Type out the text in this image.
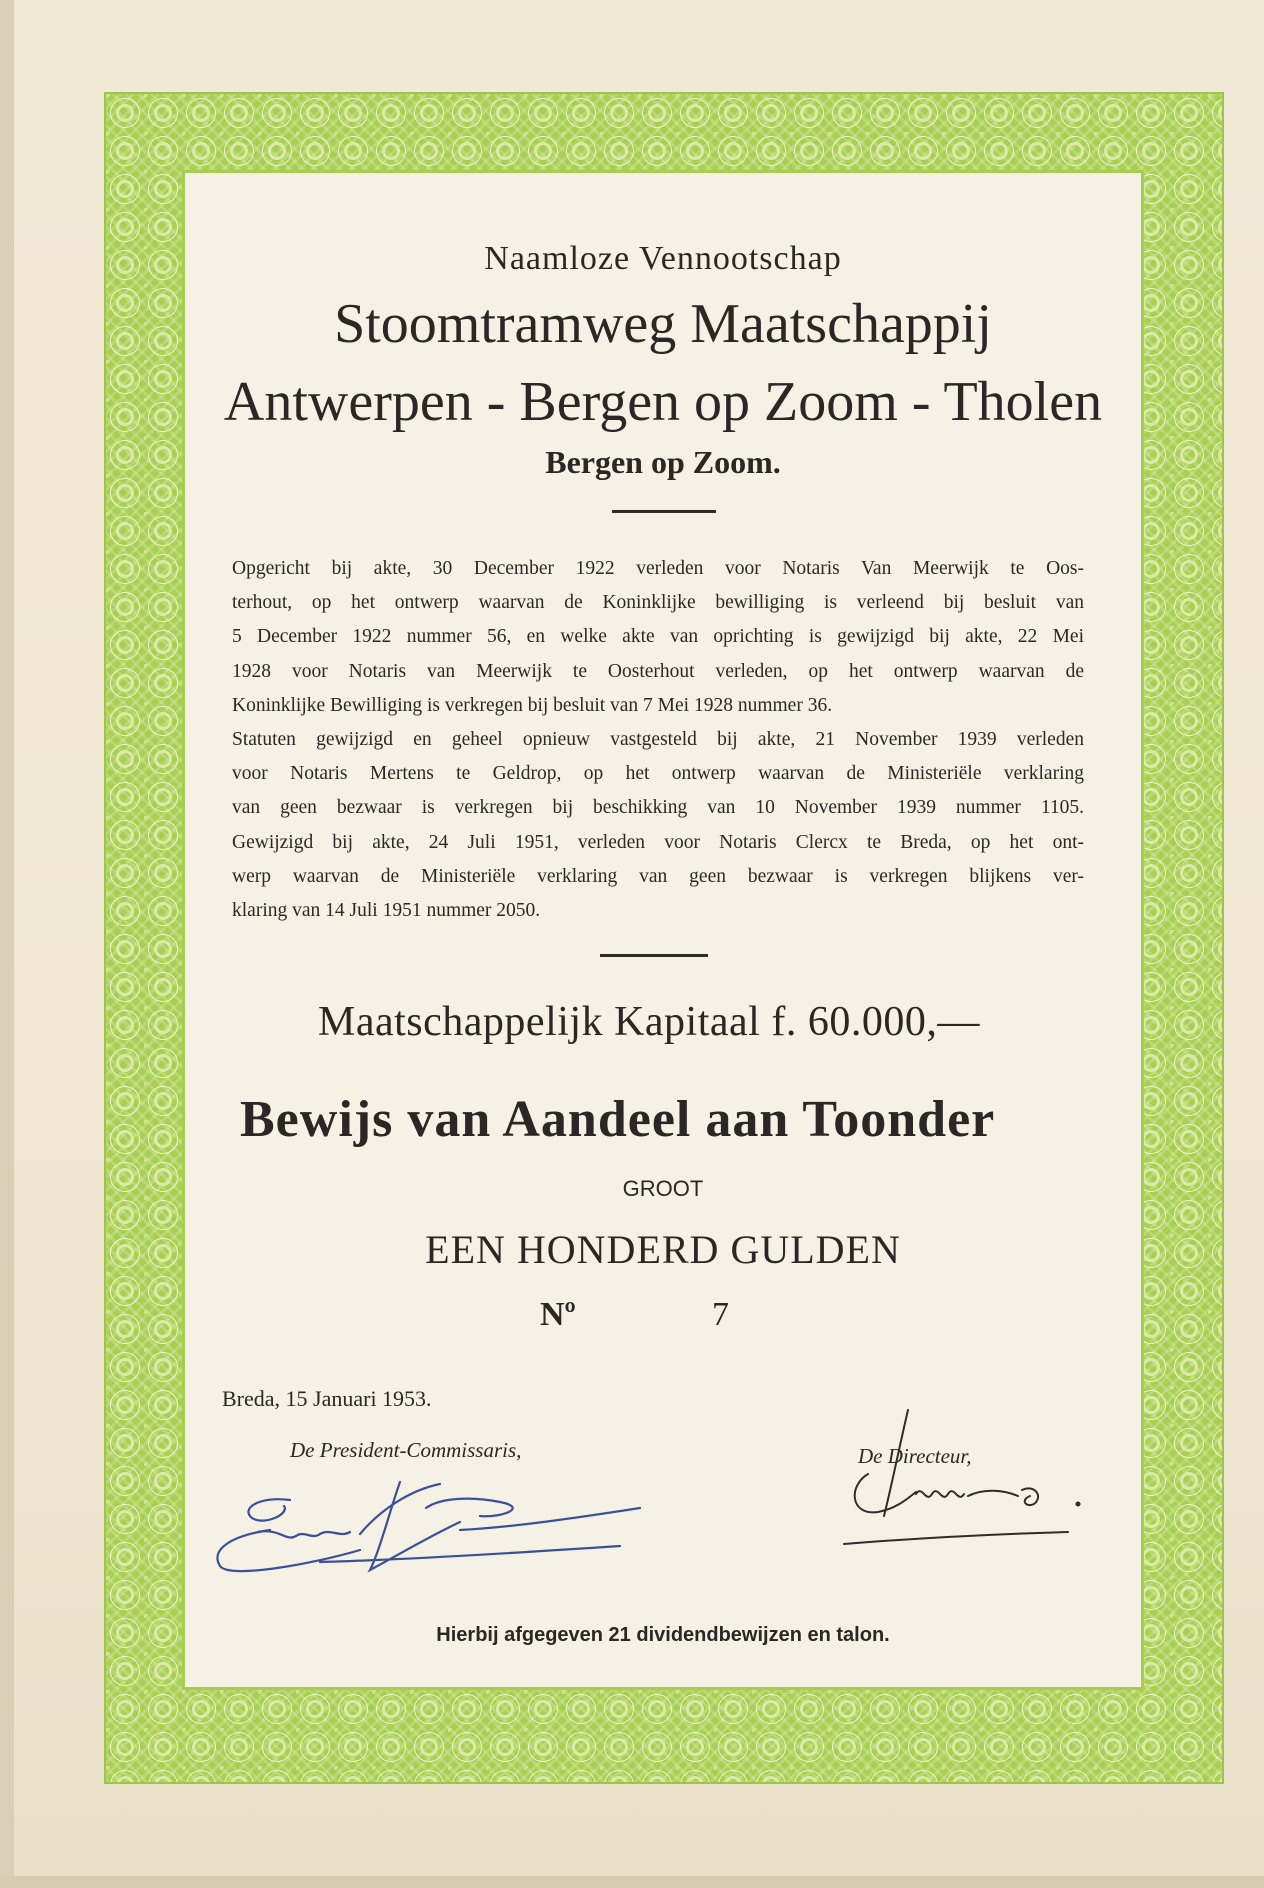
Naamloze Vennootschap

Stoomtramweg Maatschappij

Antwerpen - Bergen op Zoom - Tholen

Bergen op Zoom.

Opgericht bij akte, 30 December 1922 verleden voor Notaris Van Meerwijk te Oos-
terhout, op het ontwerp waarvan de Koninklijke bewilliging is verleend bij besluit van
5 December 1922 nummer 56, en welke akte van oprichting is gewijzigd bij akte, 22 Mei
1928 voor Notaris van Meerwijk te Oosterhout verleden, op het ontwerp waarvan de
Koninklijke Bewilliging is verkregen bij besluit van 7 Mei 1928 nummer 36.
Statuten gewijzigd en geheel opnieuw vastgesteld bij akte, 21 November 1939 verleden
voor Notaris Mertens te Geldrop, op het ontwerp waarvan de Ministeriële verklaring
van geen bezwaar is verkregen bij beschikking van 10 November 1939 nummer 1105.
Gewijzigd bij akte, 24 Juli 1951, verleden voor Notaris Clercx te Breda, op het ont-
werp waarvan de Ministeriële verklaring van geen bezwaar is verkregen blijkens ver-
klaring van 14 Juli 1951 nummer 2050.

Maatschappelijk Kapitaal f. 60.000,—

Bewijs van Aandeel aan Toonder

GROOT

EEN HONDERD GULDEN

Nº	7

Breda, 15 Januari 1953.

De President-Commissaris,	De Directeur,

Hierbij afgegeven 21 dividendbewijzen en talon.
